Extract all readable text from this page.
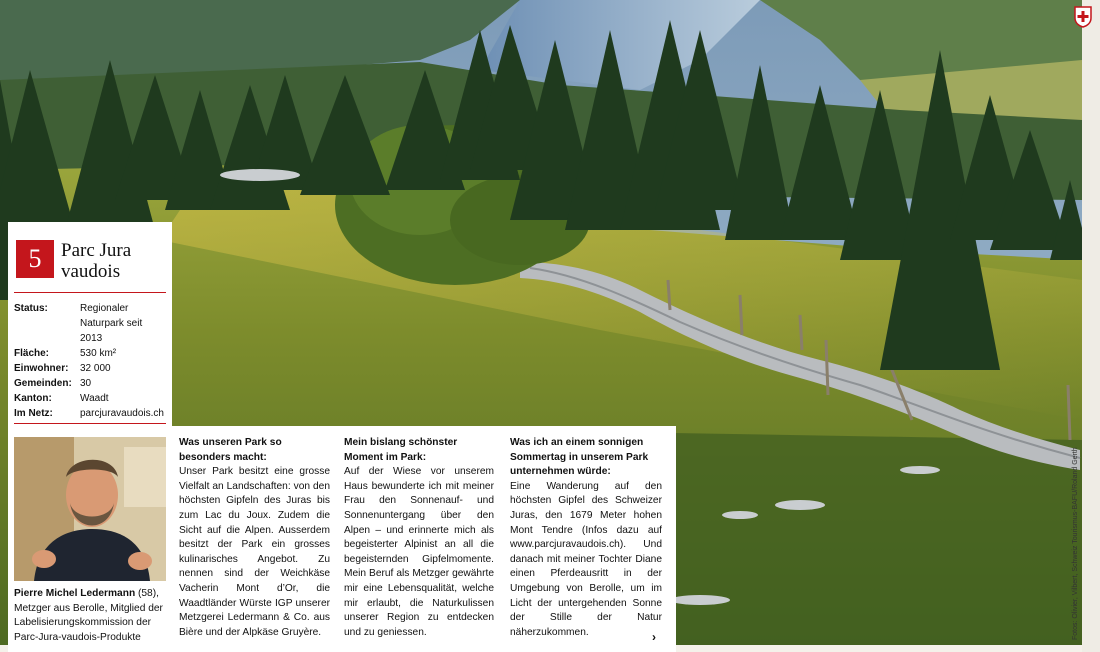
Fotos: Olivier, Vilbert, Schweiz Tourismus-BAFU/Roland Gerth
5	Parc Jura
vaudois
Status:	Regionaler Naturpark seit 2013
Fläche:	530 km²
Einwohner:	32 000
Gemeinden: 30
Kanton:	Waadt
Im Netz:	parcjuravaudois.ch
Pierre Michel Ledermann (58), Metzger aus Berolle, Mitglied der Labelisierungskommission der Parc-Jura-vaudois-Produkte
Was unseren Park so besonders macht:

Unser Park besitzt eine grosse Vielfalt an Landschaften: von den höchsten Gipfeln des Juras bis zum Lac du Joux. Zudem die Sicht auf die Alpen. Ausserdem besitzt der Park ein grosses kulinarisches Angebot. Zu nennen sind der Weichkäse Vacherin Mont d’Or, die Waadtländer Würste IGP unserer Metzgerei Ledermann & Co. aus Bière und der Alpkäse Gruyère.

Mein bislang schönster Moment im Park:

Auf der Wiese vor unserem Haus bewunderte ich mit meiner Frau den Sonnenauf- und Sonnenuntergang über den Alpen – und erinnerte mich als begeisterter Alpinist an all die begeisternden Gipfelmomente. Mein Beruf als Metzger gewährte mir eine Lebensqualität, welche mir erlaubt, die Naturkulissen unserer Region zu entdecken und zu geniessen.

Was ich an einem sonnigen Sommertag in unserem Park unternehmen würde:

Eine Wanderung auf den höchsten Gipfel des Schweizer Juras, den 1679 Meter hohen Mont Tendre (Infos dazu auf www.parcjuravaudois.ch). Und danach mit meiner Tochter Diane einen Pferdeausritt in der Umgebung von Berolle, um im Licht der untergehenden Sonne der Stille der Natur näherzukommen.	›
